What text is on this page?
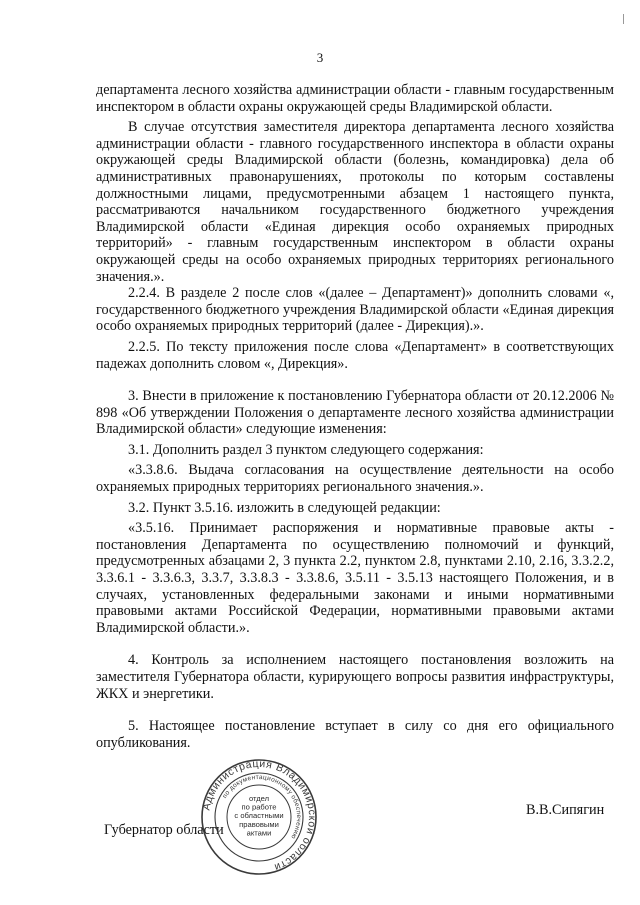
3

департамента лесного хозяйства администрации области - главным государственным инспектором в области охраны окружающей среды Владимирской области.

В случае отсутствия заместителя директора департамента лесного хозяйства администрации области - главного государственного инспектора в области охраны окружающей среды Владимирской области (болезнь, командировка) дела об административных правонарушениях, протоколы по которым составлены должностными лицами, предусмотренными абзацем 1 настоящего пункта, рассматриваются начальником государственного бюджетного учреждения Владимирской области «Единая дирекция особо охраняемых природных территорий» - главным государственным инспектором в области охраны окружающей среды на особо охраняемых природных территориях регионального значения.».

2.2.4. В разделе 2 после слов «(далее – Департамент)» дополнить словами «, государственного бюджетного учреждения Владимирской области «Единая дирекция особо охраняемых природных территорий (далее - Дирекция).».

2.2.5. По тексту приложения после слова «Департамент» в соответствующих падежах дополнить словом «, Дирекция».

3. Внести в приложение к постановлению Губернатора области от 20.12.2006 № 898 «Об утверждении Положения о департаменте лесного хозяйства администрации Владимирской области» следующие изменения:

3.1. Дополнить раздел 3 пунктом следующего содержания:

«3.3.8.6. Выдача согласования на осуществление деятельности на особо охраняемых природных территориях регионального значения.».

3.2. Пункт 3.5.16. изложить в следующей редакции:

«3.5.16. Принимает распоряжения и нормативные правовые акты - постановления Департамента по осуществлению полномочий и функций, предусмотренных абзацами 2, 3 пункта 2.2, пунктом 2.8, пунктами 2.10, 2.16, 3.3.2.2, 3.3.6.1 - 3.3.6.3, 3.3.7, 3.3.8.3 - 3.3.8.6, 3.5.11 - 3.5.13 настоящего Положения, и в случаях, установленных федеральными законами и иными нормативными правовыми актами Российской Федерации, нормативными правовыми актами Владимирской области.».

4. Контроль за исполнением настоящего постановления возложить на заместителя Губернатора области, курирующего вопросы развития инфраструктуры, ЖКХ и энергетики.

5. Настоящее постановление вступает в силу со дня его официального опубликования.

Губернатор области
В.В.Сипягин
Администрация Владимирской области
по документационному обеспечению
отдел
по работе
с областными
правовыми
актами
